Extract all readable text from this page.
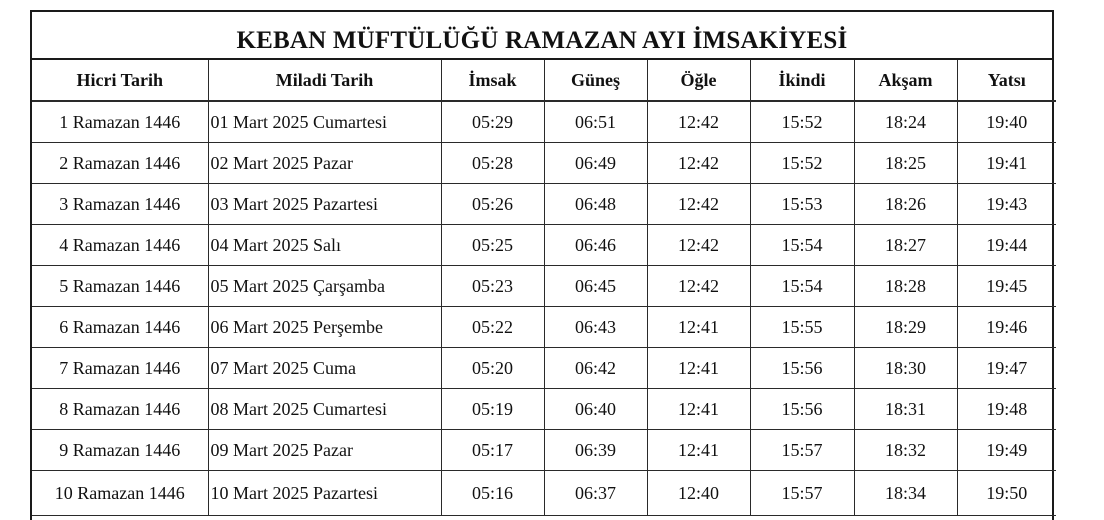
KEBAN MÜFTÜLÜĞÜ RAMAZAN AYI İMSAKİYESİ
Hicri Tarih	Miladi Tarih	İmsak	Güneş	Öğle	İkindi	Akşam	Yatsı
1 Ramazan 1446	01 Mart 2025 Cumartesi	05:29	06:51	12:42	15:52	18:24	19:40
2 Ramazan 1446	02 Mart 2025 Pazar	05:28	06:49	12:42	15:52	18:25	19:41
3 Ramazan 1446	03 Mart 2025 Pazartesi	05:26	06:48	12:42	15:53	18:26	19:43
4 Ramazan 1446	04 Mart 2025 Salı	05:25	06:46	12:42	15:54	18:27	19:44
5 Ramazan 1446	05 Mart 2025 Çarşamba	05:23	06:45	12:42	15:54	18:28	19:45
6 Ramazan 1446	06 Mart 2025 Perşembe	05:22	06:43	12:41	15:55	18:29	19:46
7 Ramazan 1446	07 Mart 2025 Cuma	05:20	06:42	12:41	15:56	18:30	19:47
8 Ramazan 1446	08 Mart 2025 Cumartesi	05:19	06:40	12:41	15:56	18:31	19:48
9 Ramazan 1446	09 Mart 2025 Pazar	05:17	06:39	12:41	15:57	18:32	19:49
10 Ramazan 1446	10 Mart 2025 Pazartesi	05:16	06:37	12:40	15:57	18:34	19:50
